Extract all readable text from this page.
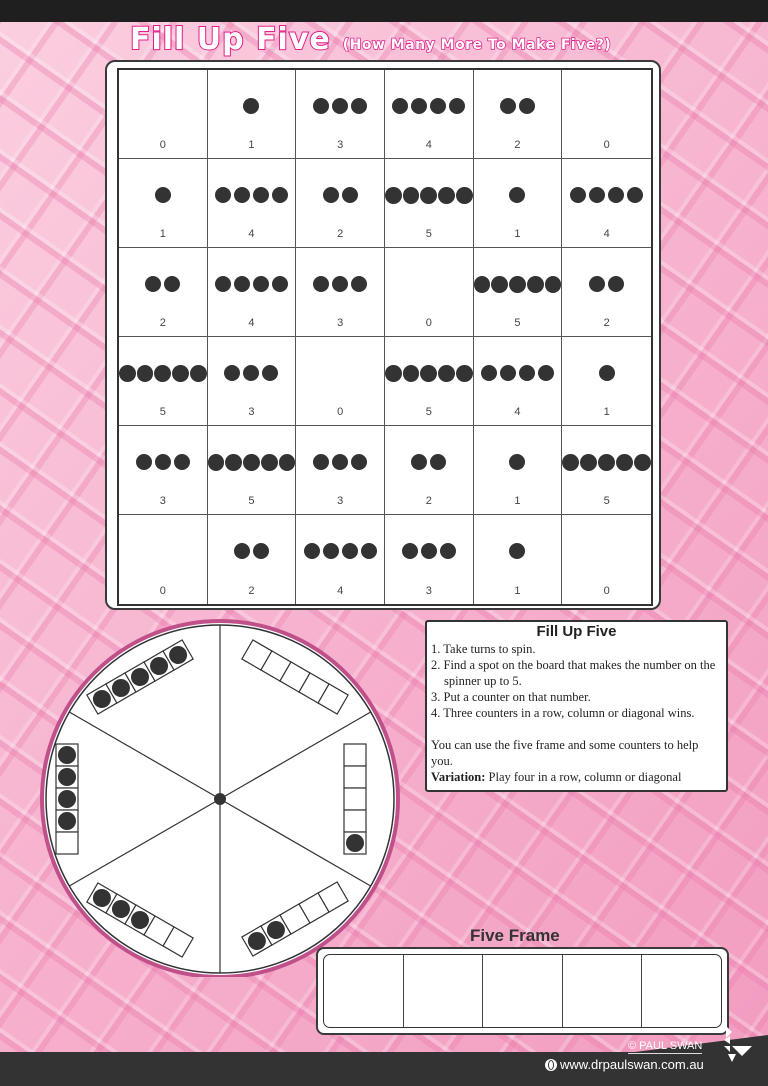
Fill Up Five (How Many More To Make Five?)
0	1	3	4	2	0
1	4	2	5	1	4
2	4	3	0	5	2
5	3	0	5	4	1
3	5	3	2	1	5
0	2	4	3	1	0
Fill Up Five
1. Take turns to spin.
2. Find a spot on the board that makes the number on the spinner up to 5.
3. Put a counter on that number.
4. Three counters in a row, column or diagonal wins.
You can use the five frame and some counters to help you.
Variation: Play four in a row, column or diagonal
Five Frame
© PAUL SWAN
www.drpaulswan.com.au
